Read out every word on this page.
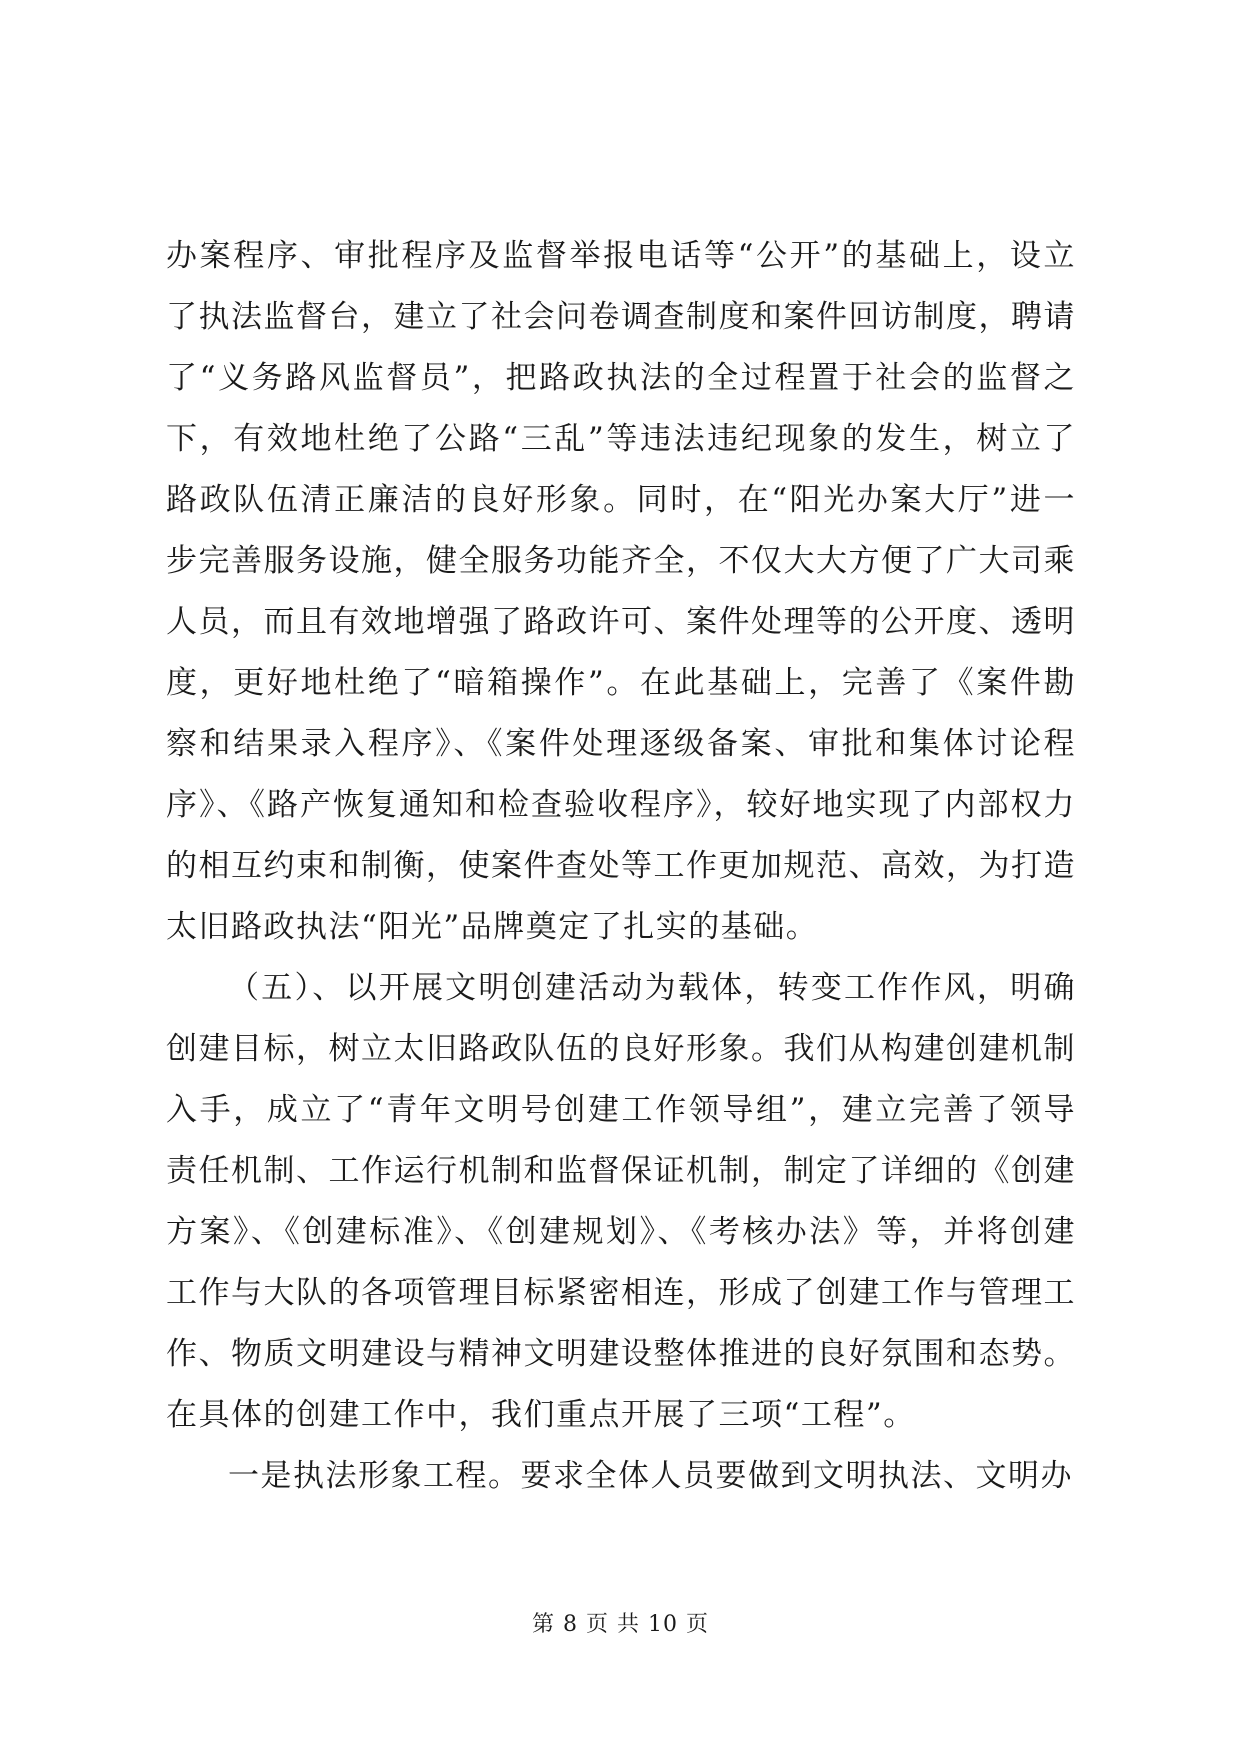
办案程序、审批程序及监督举报电话等“公开”的基础上，设立了执法监督台，建立了社会问卷调查制度和案件回访制度，聘请了“义务路风监督员”，把路政执法的全过程置于社会的监督之下，有效地杜绝了公路“三乱”等违法违纪现象的发生，树立了路政队伍清正廉洁的良好形象。同时，在“阳光办案大厅”进一步完善服务设施，健全服务功能齐全，不仅大大方便了广大司乘人员，而且有效地增强了路政许可、案件处理等的公开度、透明度，更好地杜绝了“暗箱操作”。在此基础上，完善了《案件勘察和结果录入程序》、《案件处理逐级备案、审批和集体讨论程序》、《路产恢复通知和检查验收程序》，较好地实现了内部权力的相互约束和制衡，使案件查处等工作更加规范、高效，为打造太旧路政执法“阳光”品牌奠定了扎实的基础。

（五）、以开展文明创建活动为载体，转变工作作风，明确创建目标，树立太旧路政队伍的良好形象。我们从构建创建机制入手，成立了“青年文明号创建工作领导组”，建立完善了领导责任机制、工作运行机制和监督保证机制，制定了详细的《创建方案》、《创建标准》、《创建规划》、《考核办法》等，并将创建工作与大队的各项管理目标紧密相连，形成了创建工作与管理工作、物质文明建设与精神文明建设整体推进的良好氛围和态势。在具体的创建工作中，我们重点开展了三项“工程”。

一是执法形象工程。要求全体人员要做到文明执法、文明办

第 8 页 共 10 页
